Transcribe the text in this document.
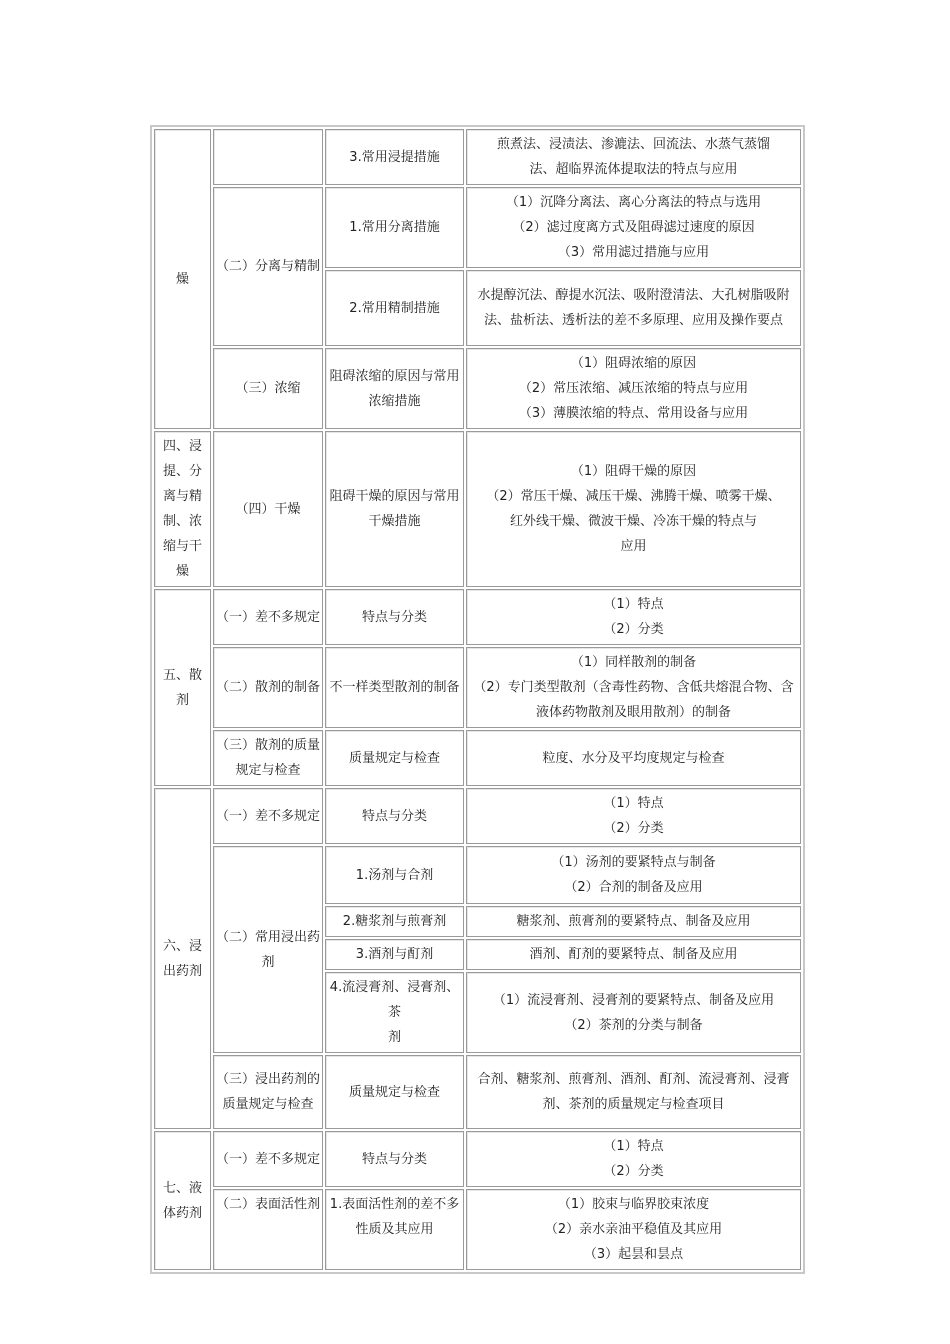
燥		3.常用浸提措施	煎煮法、浸渍法、渗漉法、回流法、水蒸气蒸馏
法、超临界流体提取法的特点与应用

	（二）分离与精制	1.常用分离措施	（1）沉降分离法、离心分离法的特点与选用
（2）滤过度离方式及阻碍滤过速度的原因
（3）常用滤过措施与应用

		2.常用精制措施	水提醇沉法、醇提水沉法、吸附澄清法、大孔树脂吸附法、盐析法、透析法的差不多原理、应用及操作要点

	（三）浓缩	阻碍浓缩的原因与常用浓缩措施	（1）阻碍浓缩的原因
（2）常压浓缩、减压浓缩的特点与应用
（3）薄膜浓缩的特点、常用设备与应用

四、浸提、分离与精制、浓缩与干燥	（四）干燥	阻碍干燥的原因与常用干燥措施	（1）阻碍干燥的原因
（2）常压干燥、减压干燥、沸腾干燥、喷雾干燥、
红外线干燥、微波干燥、冷冻干燥的特点与
应用

五、散剂	（一）差不多规定	特点与分类	（1）特点
（2）分类

	（二）散剂的制备	不一样类型散剂的制备	（1）同样散剂的制备
（2）专门类型散剂（含毒性药物、含低共熔混合物、含液体药物散剂及眼用散剂）的制备

	（三）散剂的质量规定与检查	质量规定与检查	粒度、水分及平均度规定与检查

六、浸出药剂	（一）差不多规定	特点与分类	（1）特点
（2）分类

	（二）常用浸出药
剂	1.汤剂与合剂	（1）汤剂的要紧特点与制备
（2）合剂的制备及应用

		2.糖浆剂与煎膏剂	糖浆剂、煎膏剂的要紧特点、制备及应用

		3.酒剂与酊剂	酒剂、酊剂的要紧特点、制备及应用

		4.流浸膏剂、浸膏剂、茶
剂	（1）流浸膏剂、浸膏剂的要紧特点、制备及应用
（2）茶剂的分类与制备

	（三）浸出药剂的质量规定与检查	质量规定与检查	合剂、糖浆剂、煎膏剂、酒剂、酊剂、流浸膏剂、浸膏剂、茶剂的质量规定与检查项目

七、液体药剂	（一）差不多规定	特点与分类	（1）特点
（2）分类

	（二）表面活性剂	1.表面活性剂的差不多性质及其应用	（1）胶束与临界胶束浓度
（2）亲水亲油平稳值及其应用
（3）起昙和昙点
